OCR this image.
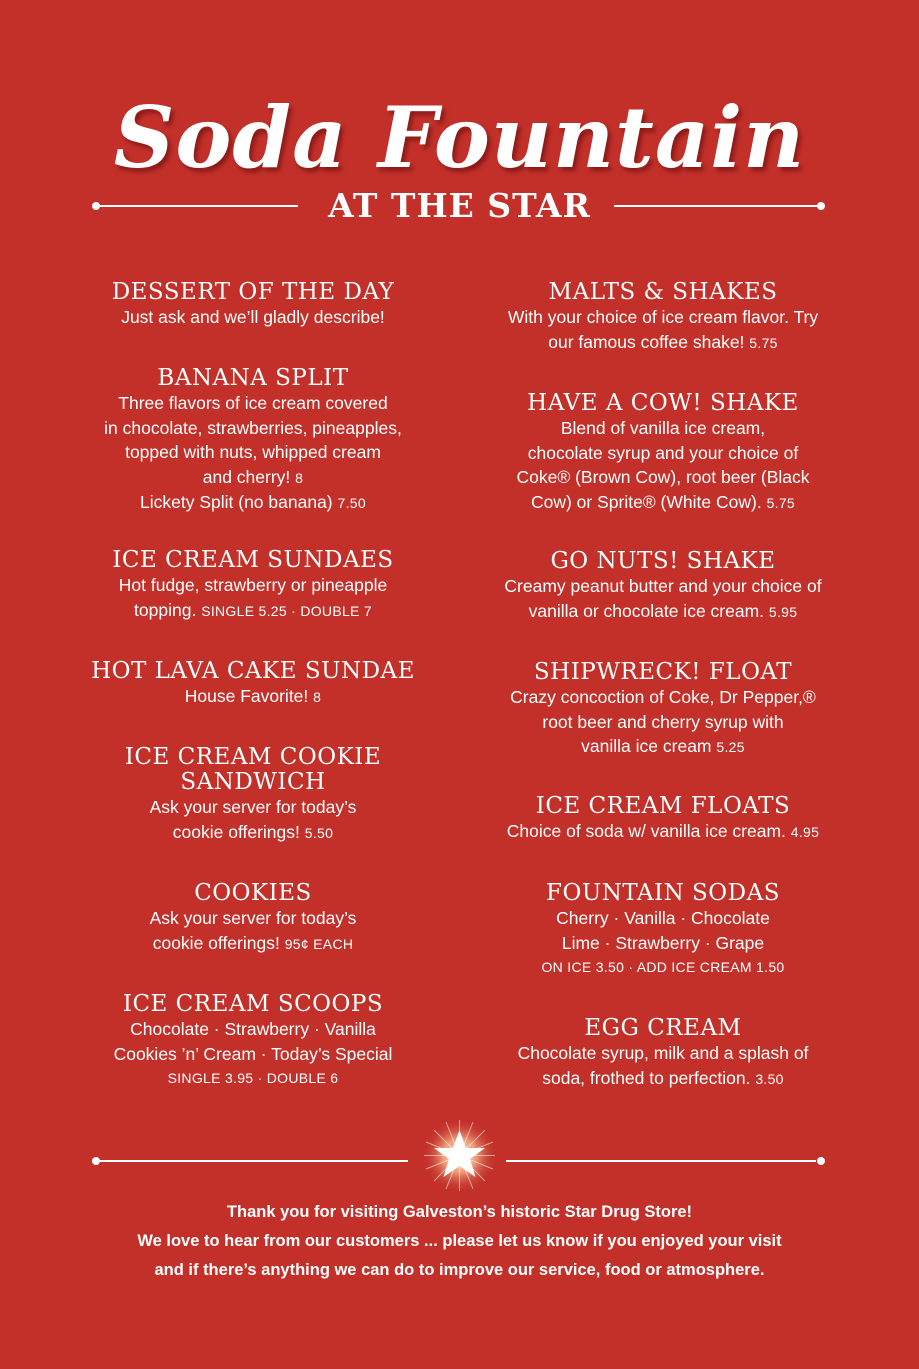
Soda Fountain
AT THE STAR
DESSERT OF THE DAY
Just ask and we’ll gladly describe!
BANANA SPLIT
Three flavors of ice cream covered
in chocolate, strawberries, pineapples,
topped with nuts, whipped cream
and cherry! 8
Lickety Split (no banana) 7.50
ICE CREAM SUNDAES
Hot fudge, strawberry or pineapple
topping. SINGLE 5.25 · DOUBLE 7
HOT LAVA CAKE SUNDAE
House Favorite! 8
ICE CREAM COOKIE
SANDWICH
Ask your server for today’s
cookie offerings! 5.50
COOKIES
Ask your server for today’s
cookie offerings! 95¢ EACH
ICE CREAM SCOOPS
Chocolate · Strawberry · Vanilla
Cookies ’n’ Cream · Today’s Special
SINGLE 3.95 · DOUBLE 6
MALTS & SHAKES
With your choice of ice cream flavor. Try
our famous coffee shake! 5.75
HAVE A COW! SHAKE
Blend of vanilla ice cream,
chocolate syrup and your choice of
Coke® (Brown Cow), root beer (Black
Cow) or Sprite® (White Cow). 5.75
GO NUTS! SHAKE
Creamy peanut butter and your choice of
vanilla or chocolate ice cream. 5.95
SHIPWRECK! FLOAT
Crazy concoction of Coke, Dr Pepper,®
root beer and cherry syrup with
vanilla ice cream 5.25
ICE CREAM FLOATS
Choice of soda w/ vanilla ice cream. 4.95
FOUNTAIN SODAS
Cherry · Vanilla · Chocolate
Lime · Strawberry · Grape
ON ICE 3.50 · ADD ICE CREAM 1.50
EGG CREAM
Chocolate syrup, milk and a splash of
soda, frothed to perfection. 3.50
Thank you for visiting Galveston’s historic Star Drug Store!
We love to hear from our customers ... please let us know if you enjoyed your visit
and if there’s anything we can do to improve our service, food or atmosphere.
